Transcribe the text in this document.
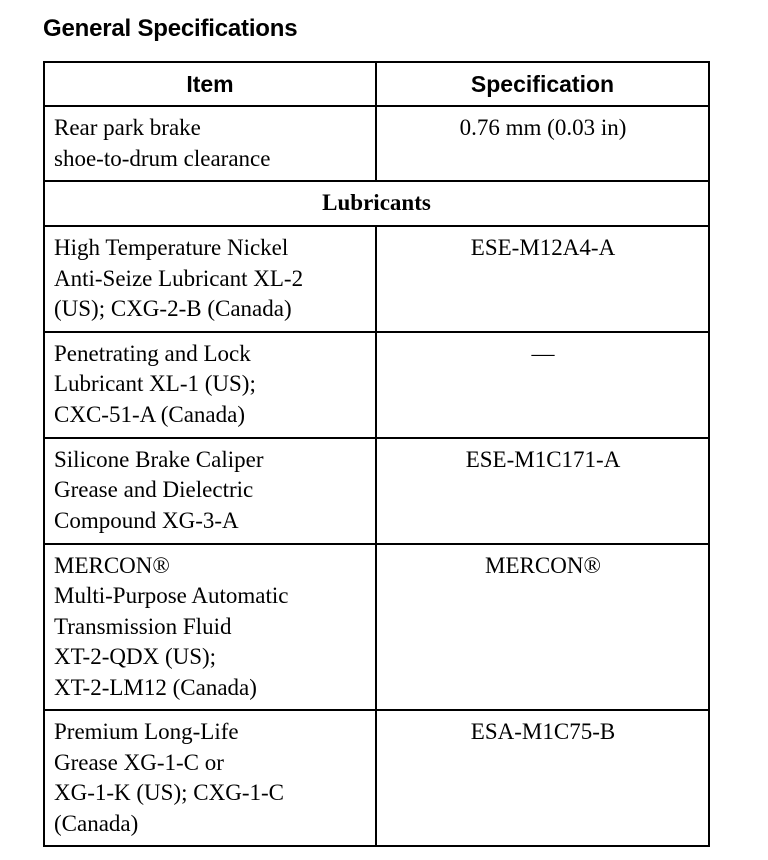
General Specifications
Item	Specification
Rear park brake
shoe-to-drum clearance	0.76 mm (0.03 in)
Lubricants	
High Temperature Nickel
Anti-Seize Lubricant XL-2
(US); CXG-2-B (Canada)	ESE-M12A4-A
Penetrating and Lock
Lubricant XL-1 (US);
CXC-51-A (Canada)	—
Silicone Brake Caliper
Grease and Dielectric
Compound XG-3-A	ESE-M1C171-A
MERCON®
Multi-Purpose Automatic
Transmission Fluid
XT-2-QDX (US);
XT-2-LM12 (Canada)	MERCON®
Premium Long-Life
Grease XG-1-C or
XG-1-K (US); CXG-1-C
(Canada)	ESA-M1C75-B
